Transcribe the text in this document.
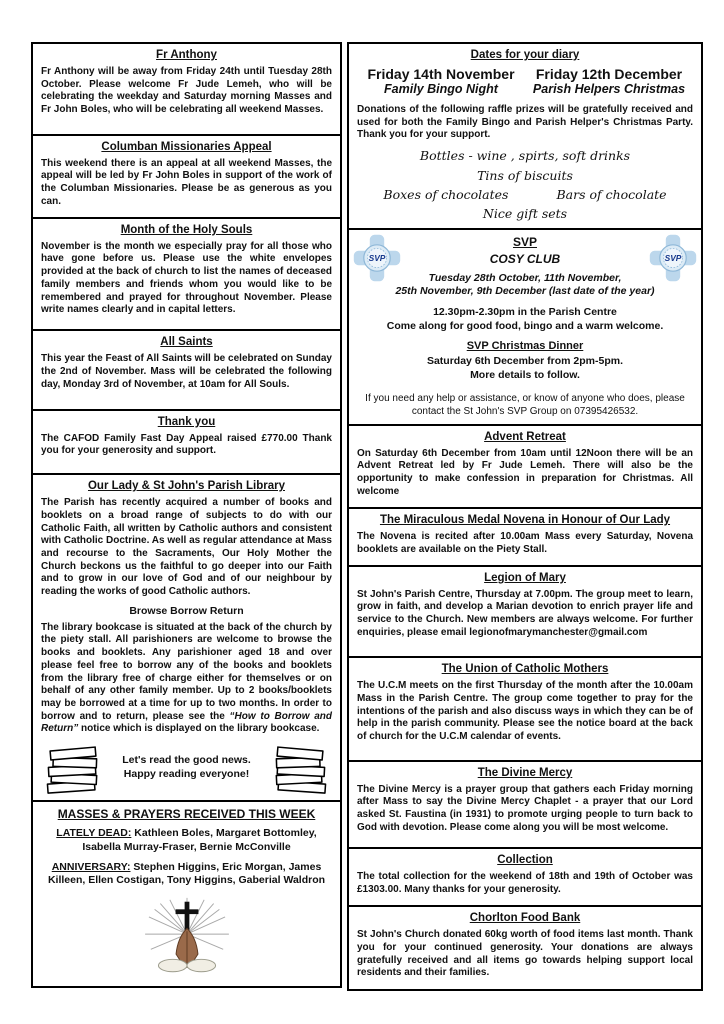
Fr Anthony

Fr Anthony will be away from Friday 24th until Tuesday 28th October. Please welcome Fr Jude Lemeh, who will be celebrating the weekday and Saturday morning Masses and Fr John Boles, who will be celebrating all weekend Masses.

Columban Missionaries Appeal

This weekend there is an appeal at all weekend Masses, the appeal will be led by Fr John Boles in support of the work of the Columban Missionaries. Please be as generous as you can.

Month of the Holy Souls

November is the month we especially pray for all those who have gone before us. Please use the white envelopes provided at the back of church to list the names of deceased family members and friends whom you would like to be remembered and prayed for throughout November. Please write names clearly and in capital letters.

All Saints

This year the Feast of All Saints will be celebrated on Sunday the 2nd of November. Mass will be celebrated the following day, Monday 3rd of November, at 10am for All Souls.

Thank you

The CAFOD Family Fast Day Appeal raised £770.00 Thank you for your generosity and support.

Our Lady & St John's Parish Library

The Parish has recently acquired a number of books and booklets on a broad range of subjects to do with our Catholic Faith, all written by Catholic authors and consistent with Catholic Doctrine. As well as regular attendance at Mass and recourse to the Sacraments, Our Holy Mother the Church beckons us the faithful to go deeper into our Faith and to grow in our love of God and of our neighbour by reading the works of good Catholic authors.

Browse Borrow Return

The library bookcase is situated at the back of the church by the piety stall. All parishioners are welcome to browse the books and booklets. Any parishioner aged 18 and over please feel free to borrow any of the books and booklets from the library free of charge either for themselves or on behalf of any other family member. Up to 2 books/booklets may be borrowed at a time for up to two months. In order to borrow and to return, please see the “How to Borrow and Return” notice which is displayed on the library bookcase.

Let's read the good news.
Happy reading everyone!
MASSES & PRAYERS RECEIVED THIS WEEK
LATELY DEAD: Kathleen Boles, Margaret Bottomley, Isabella Murray-Fraser, Bernie McConville
ANNIVERSARY: Stephen Higgins, Eric Morgan, James Killeen, Ellen Costigan, Tony Higgins, Gaberial Waldron
Dates for your diary
Friday 14th November
Family Bingo Night
Friday 12th December
Parish Helpers Christmas

Donations of the following raffle prizes will be gratefully received and used for both the Family Bingo and Parish Helper's Christmas Party. Thank you for your support.

Bottles - wine , spirts, soft drinks
Tins of biscuits
Boxes of chocolates	Bars of chocolate
Nice gift sets
SVP	SVP
SVP
COSY CLUB
Tuesday 28th October, 11th November,
25th November, 9th December (last date of the year)
12.30pm-2.30pm in the Parish Centre
Come along for good food, bingo and a warm welcome.
SVP Christmas Dinner
Saturday 6th December from 2pm-5pm.
More details to follow.
If you need any help or assistance, or know of anyone who does, please contact the St John's SVP Group on 07395426532.
Advent Retreat

On Saturday 6th December from 10am until 12Noon there will be an Advent Retreat led by Fr Jude Lemeh. There will also be the opportunity to make confession in preparation for Christmas. All welcome

The Miraculous Medal Novena in Honour of Our Lady

The Novena is recited after 10.00am Mass every Saturday, Novena booklets are available on the Piety Stall.

Legion of Mary

St John's Parish Centre, Thursday at 7.00pm. The group meet to learn, grow in faith, and develop a Marian devotion to enrich prayer life and service to the Church. New members are always welcome. For further enquiries, please email legionofmarymanchester@gmail.com

The Union of Catholic Mothers

The U.C.M meets on the first Thursday of the month after the 10.00am Mass in the Parish Centre. The group come together to pray for the intentions of the parish and also discuss ways in which they can be of help in the parish community. Please see the notice board at the back of church for the U.C.M calendar of events.

The Divine Mercy

The Divine Mercy is a prayer group that gathers each Friday morning after Mass to say the Divine Mercy Chaplet - a prayer that our Lord asked St. Faustina (in 1931) to promote urging people to turn back to God with devotion. Please come along you will be most welcome.

Collection

The total collection for the weekend of 18th and 19th of October was £1303.00. Many thanks for your generosity.

Chorlton Food Bank

St John's Church donated 60kg worth of food items last month. Thank you for your continued generosity. Your donations are always gratefully received and all items go towards helping support local residents and their families.
